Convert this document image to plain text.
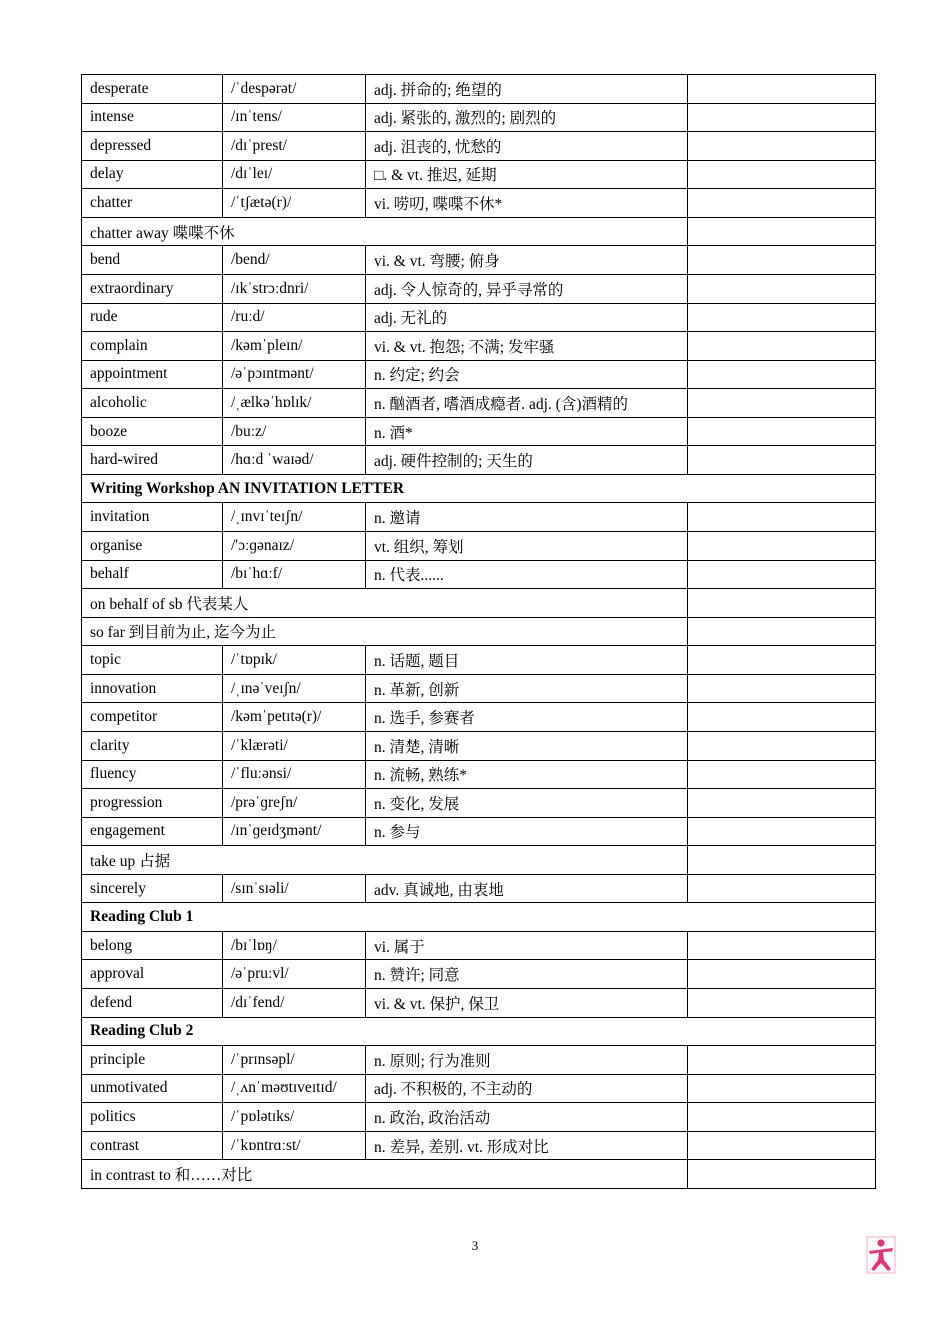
desperate	/ˈdespərət/	adj. 拼命的; 绝望的	
intense	/ɪnˈtens/	adj. 紧张的, 激烈的; 剧烈的	
depressed	/dɪˈprest/	adj. 沮丧的, 忧愁的	
delay	/dɪˈleɪ/	□. & vt. 推迟, 延期	
chatter	/ˈtʃætə(r)/	vi. 唠叨, 喋喋不休*	
chatter away 喋喋不休			
bend	/bend/	vi. & vt. 弯腰; 俯身	
extraordinary	/ɪkˈstrɔːdnri/	adj. 令人惊奇的, 异乎寻常的	
rude	/ruːd/	adj. 无礼的	
complain	/kəmˈpleɪn/	vi. & vt. 抱怨; 不满; 发牢骚	
appointment	/əˈpɔɪntmənt/	n. 约定; 约会	
alcoholic	/ˌælkəˈhɒlɪk/	n. 酗酒者, 嗜酒成瘾者. adj. (含)酒精的	
booze	/buːz/	n. 酒*	
hard-wired	/hɑːd ˈwaɪəd/	adj. 硬件控制的; 天生的	
Writing Workshop AN INVITATION LETTER			
invitation	/ˌɪnvɪˈteɪʃn/	n. 邀请	
organise	/'ɔːɡənaɪz/	vt. 组织, 筹划	
behalf	/bɪˈhɑːf/	n. 代表......	
on behalf of sb 代表某人			
so far 到目前为止, 迄今为止			
topic	/ˈtɒpɪk/	n. 话题, 题目	
innovation	/ˌɪnəˈveɪʃn/	n. 革新, 创新	
competitor	/kəmˈpetɪtə(r)/	n. 选手, 参赛者	
clarity	/ˈklærəti/	n. 清楚, 清晰	
fluency	/ˈfluːənsi/	n. 流畅, 熟练*	
progression	/prəˈɡreʃn/	n. 变化, 发展	
engagement	/ɪnˈɡeɪdʒmənt/	n. 参与	
take up 占据			
sincerely	/sɪnˈsɪəli/	adv. 真诚地, 由衷地	
Reading Club 1			
belong	/bɪˈlɒŋ/	vi. 属于	
approval	/əˈpruːvl/	n. 赞许; 同意	
defend	/dɪˈfend/	vi. & vt. 保护, 保卫	
Reading Club 2			
principle	/ˈprɪnsəpl/	n. 原则; 行为准则	
unmotivated	/ˌʌnˈməʊtɪveɪtɪd/	adj. 不积极的, 不主动的	
politics	/ˈpɒlətɪks/	n. 政治, 政治活动	
contrast	/ˈkɒntrɑːst/	n. 差异, 差别. vt. 形成对比	
in contrast to 和……对比			
3
